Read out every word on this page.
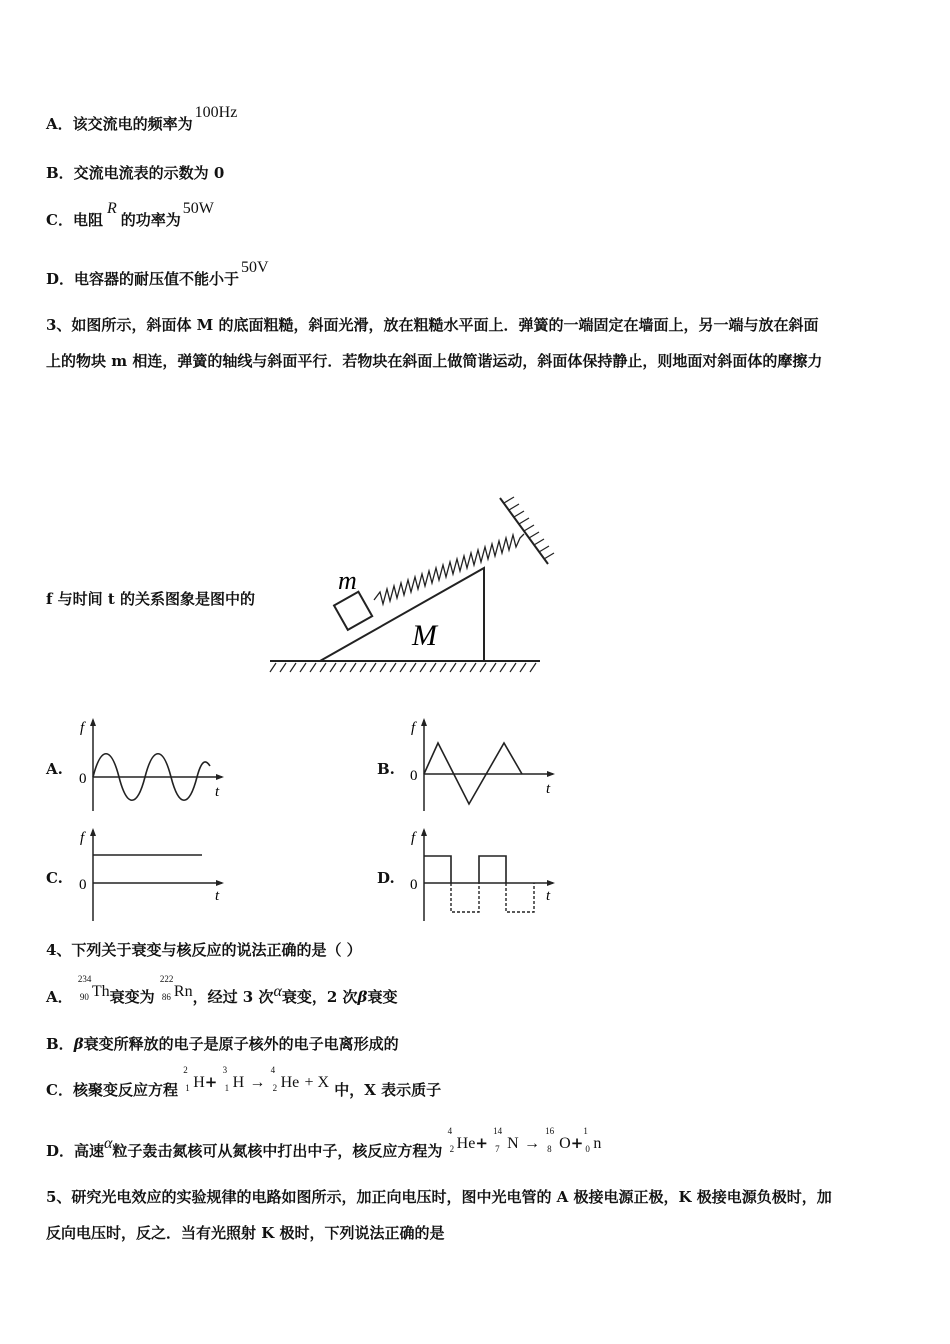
A．该交流电的频率为100Hz
B．交流电流表的示数为 0
C．电阻R的功率为50W
D．电容器的耐压值不能小于50V
3、如图所示，斜面体 M 的底面粗糙，斜面光滑，放在粗糙水平面上．弹簧的一端固定在墙面上，另一端与放在斜面
上的物块 m 相连，弹簧的轴线与斜面平行．若物块在斜面上做简谐运动，斜面体保持静止，则地面对斜面体的摩擦力
f 与时间 t 的关系图象是图中的
m
M
A.
f
0
t
B.
f
0
t
C.
f
0
t
D.
f
0
t
4、下列关于衰变与核反应的说法正确的是（ ）
A．
234
90 Th衰变为
222
86 Rn，经过 3 次α衰变，2 次β衰变
B．β衰变所释放的电子是原子核外的电子电离形成的
C．核聚变反应方程
2
1 H+
3
1 H →
4
2 He + X 中，X 表示质子
D．高速α粒子轰击氮核可从氮核中打出中子，核反应方程为
4
2 He+
14
7 N →
16
8 O+
1
0 n
5、研究光电效应的实验规律的电路如图所示，加正向电压时，图中光电管的 A 极接电源正极，K 极接电源负极时，加
反向电压时，反之．当有光照射 K 极时，下列说法正确的是
